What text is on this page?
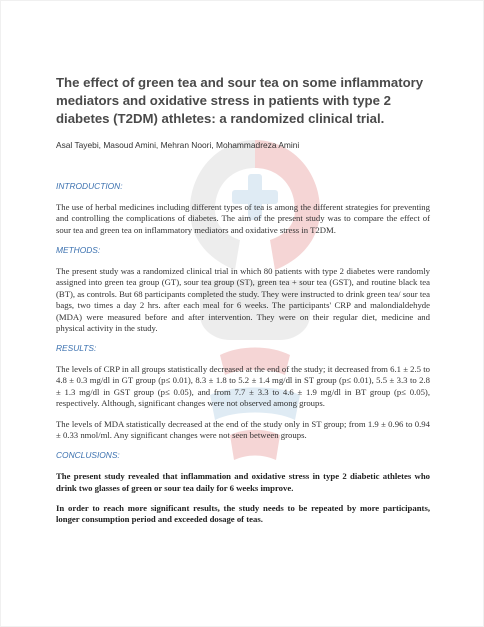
The effect of green tea and sour tea on some inflammatory mediators and oxidative stress in patients with type 2 diabetes (T2DM) athletes: a randomized clinical trial.
Asal Tayebi, Masoud Amini, Mehran Noori, Mohammadreza Amini
INTRODUCTION:

The use of herbal medicines including different types of tea is among the different strategies for preventing and controlling the complications of diabetes. The aim of the present study was to compare the effect of sour tea and green tea on inflammatory mediators and oxidative stress in T2DM.

METHODS:

The present study was a randomized clinical trial in which 80 patients with type 2 diabetes were randomly assigned into green tea group (GT), sour tea group (ST), green tea + sour tea (GST), and routine black tea (BT), as controls. But 68 participants completed the study. They were instructed to drink green tea/ sour tea bags, two times a day 2 hrs. after each meal for 6 weeks. The participants' CRP and malondialdehyde (MDA) were measured before and after intervention. They were on their regular diet, medicine and physical activity in the study.

RESULTS:

The levels of CRP in all groups statistically decreased at the end of the study; it decreased from 6.1 ± 2.5 to 4.8 ± 0.3 mg/dl in GT group (p≤ 0.01), 8.3 ± 1.8 to 5.2 ± 1.4 mg/dl in ST group (p≤ 0.01), 5.5 ± 3.3 to 2.8 ± 1.3 mg/dl in GST group (p≤ 0.05), and from 7.7 ± 3.3 to 4.6 ± 1.9 mg/dl in BT group (p≤ 0.05), respectively. Although, significant changes were not observed among groups.

The levels of MDA statistically decreased at the end of the study only in ST group; from 1.9 ± 0.96 to 0.94 ± 0.33 nmol/ml. Any significant changes were not seen between groups.

CONCLUSIONS:

The present study revealed that inflammation and oxidative stress in type 2 diabetic athletes who drink two glasses of green or sour tea daily for 6 weeks improve.

In order to reach more significant results, the study needs to be repeated by more participants, longer consumption period and exceeded dosage of teas.
